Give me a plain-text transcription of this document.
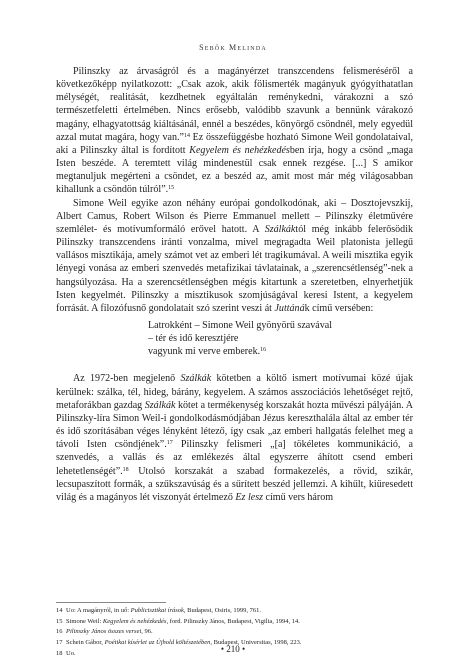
Sebők Melinda

Pilinszky az árvaságról és a magányérzet transzcendens felismeréséről a következőképp nyilatkozott: „Csak azok, akik fölismerték magányuk gyógyíthatatlan mélységét, realitását, kezdhetnek egyáltalán reménykedni, várakozni a szó természetfeletti értelmében. Nincs erősebb, valódibb szavunk a bennünk várakozó magány, elhagyatottság kiáltásánál, ennél a beszédes, könyörgő csöndnél, mely egyedül azzal mutat magára, hogy van.”$^{14}$ Ez összefüggésbe hozható Simone Weil gondolataival, aki a Pilinszky által is fordított Kegyelem és nehézkedésben írja, hogy a csönd „maga Isten beszéde. A teremtett világ mindenestül csak ennek rezgése. [...] S amikor megtanuljuk megérteni a csöndet, ez a beszéd az, amit most már még világosabban kihallunk a csöndön túlról”.$^{15}$

Simone Weil egyike azon néhány európai gondolkodónak, aki – Dosztojevszkij, Albert Camus, Robert Wilson és Pierre Emmanuel mellett – Pilinszky életművére szemlélet- és motívumformáló erővel hatott. A Szálkáktól még inkább felerősödik Pilinszky transzcendens iránti vonzalma, mivel megragadta Weil platonista jellegű vallásos misztikája, amely számot vet az emberi lét tragikumával. A weili misztika egyik lényegi vonása az emberi szenvedés metafizikai távlatainak, a „szerencsétlenség”-nek a hangsúlyozása. Ha a szerencsétlenségben mégis kitartunk a szeretetben, elnyerhetjük Isten kegyelmét. Pilinszky a misztikusok szomjúságával keresi Istent, a kegyelem forrását. A filozófusnő gondolatait szó szerint veszi át Juttánák című versében:

Latrokként – Simone Weil gyönyörű szavával
– tér és idő keresztjére
vagyunk mi verve emberek.$^{16}$

Az 1972-ben megjelenő Szálkák kötetben a költő ismert motívumai közé újak kerülnek: szálka, tél, hideg, bárány, kegyelem. A számos asszociációs lehetőséget rejtő, metaforákban gazdag Szálkák kötet a termékenység korszakát hozta művészi pályáján. A Pilinszky-líra Simon Weil-i gondolkodásmódjában Jézus kereszthalála által az ember tér és idő szorításában véges lényként létező, így csak „az emberi hallgatás felelhet meg a távoli Isten csöndjének”.$^{17}$ Pilinszky felismeri „[a] tökéletes kommunikáció, a szenvedés, a vallás és az emlékezés által egyszerre áhított csend emberi lehetetlenségét”.$^{18}$ Utolsó korszakát a szabad formakezelés, a rövid, szikár, lecsupaszított formák, a szűkszavúság és a sűrített beszéd jellemzi. A kihűlt, kiüresedett világ és a magányos lét viszonyát értelmező Ez lesz című vers három

14 Uo: A magányról, in uő: Publicisztikai írások, Budapest, Osiris, 1999, 761.
15 Simone Weil: Kegyelem és nehézkedés, ford. Pilinszky János, Budapest, Vigilia, 1994, 14.
16 Pilinszky János összes versei, 96.
17 Schein Gábor, Poétikai kísérlet az Újhold költészetében, Budapest, Universitas, 1998, 223.
18 Uo.	• 210 •
